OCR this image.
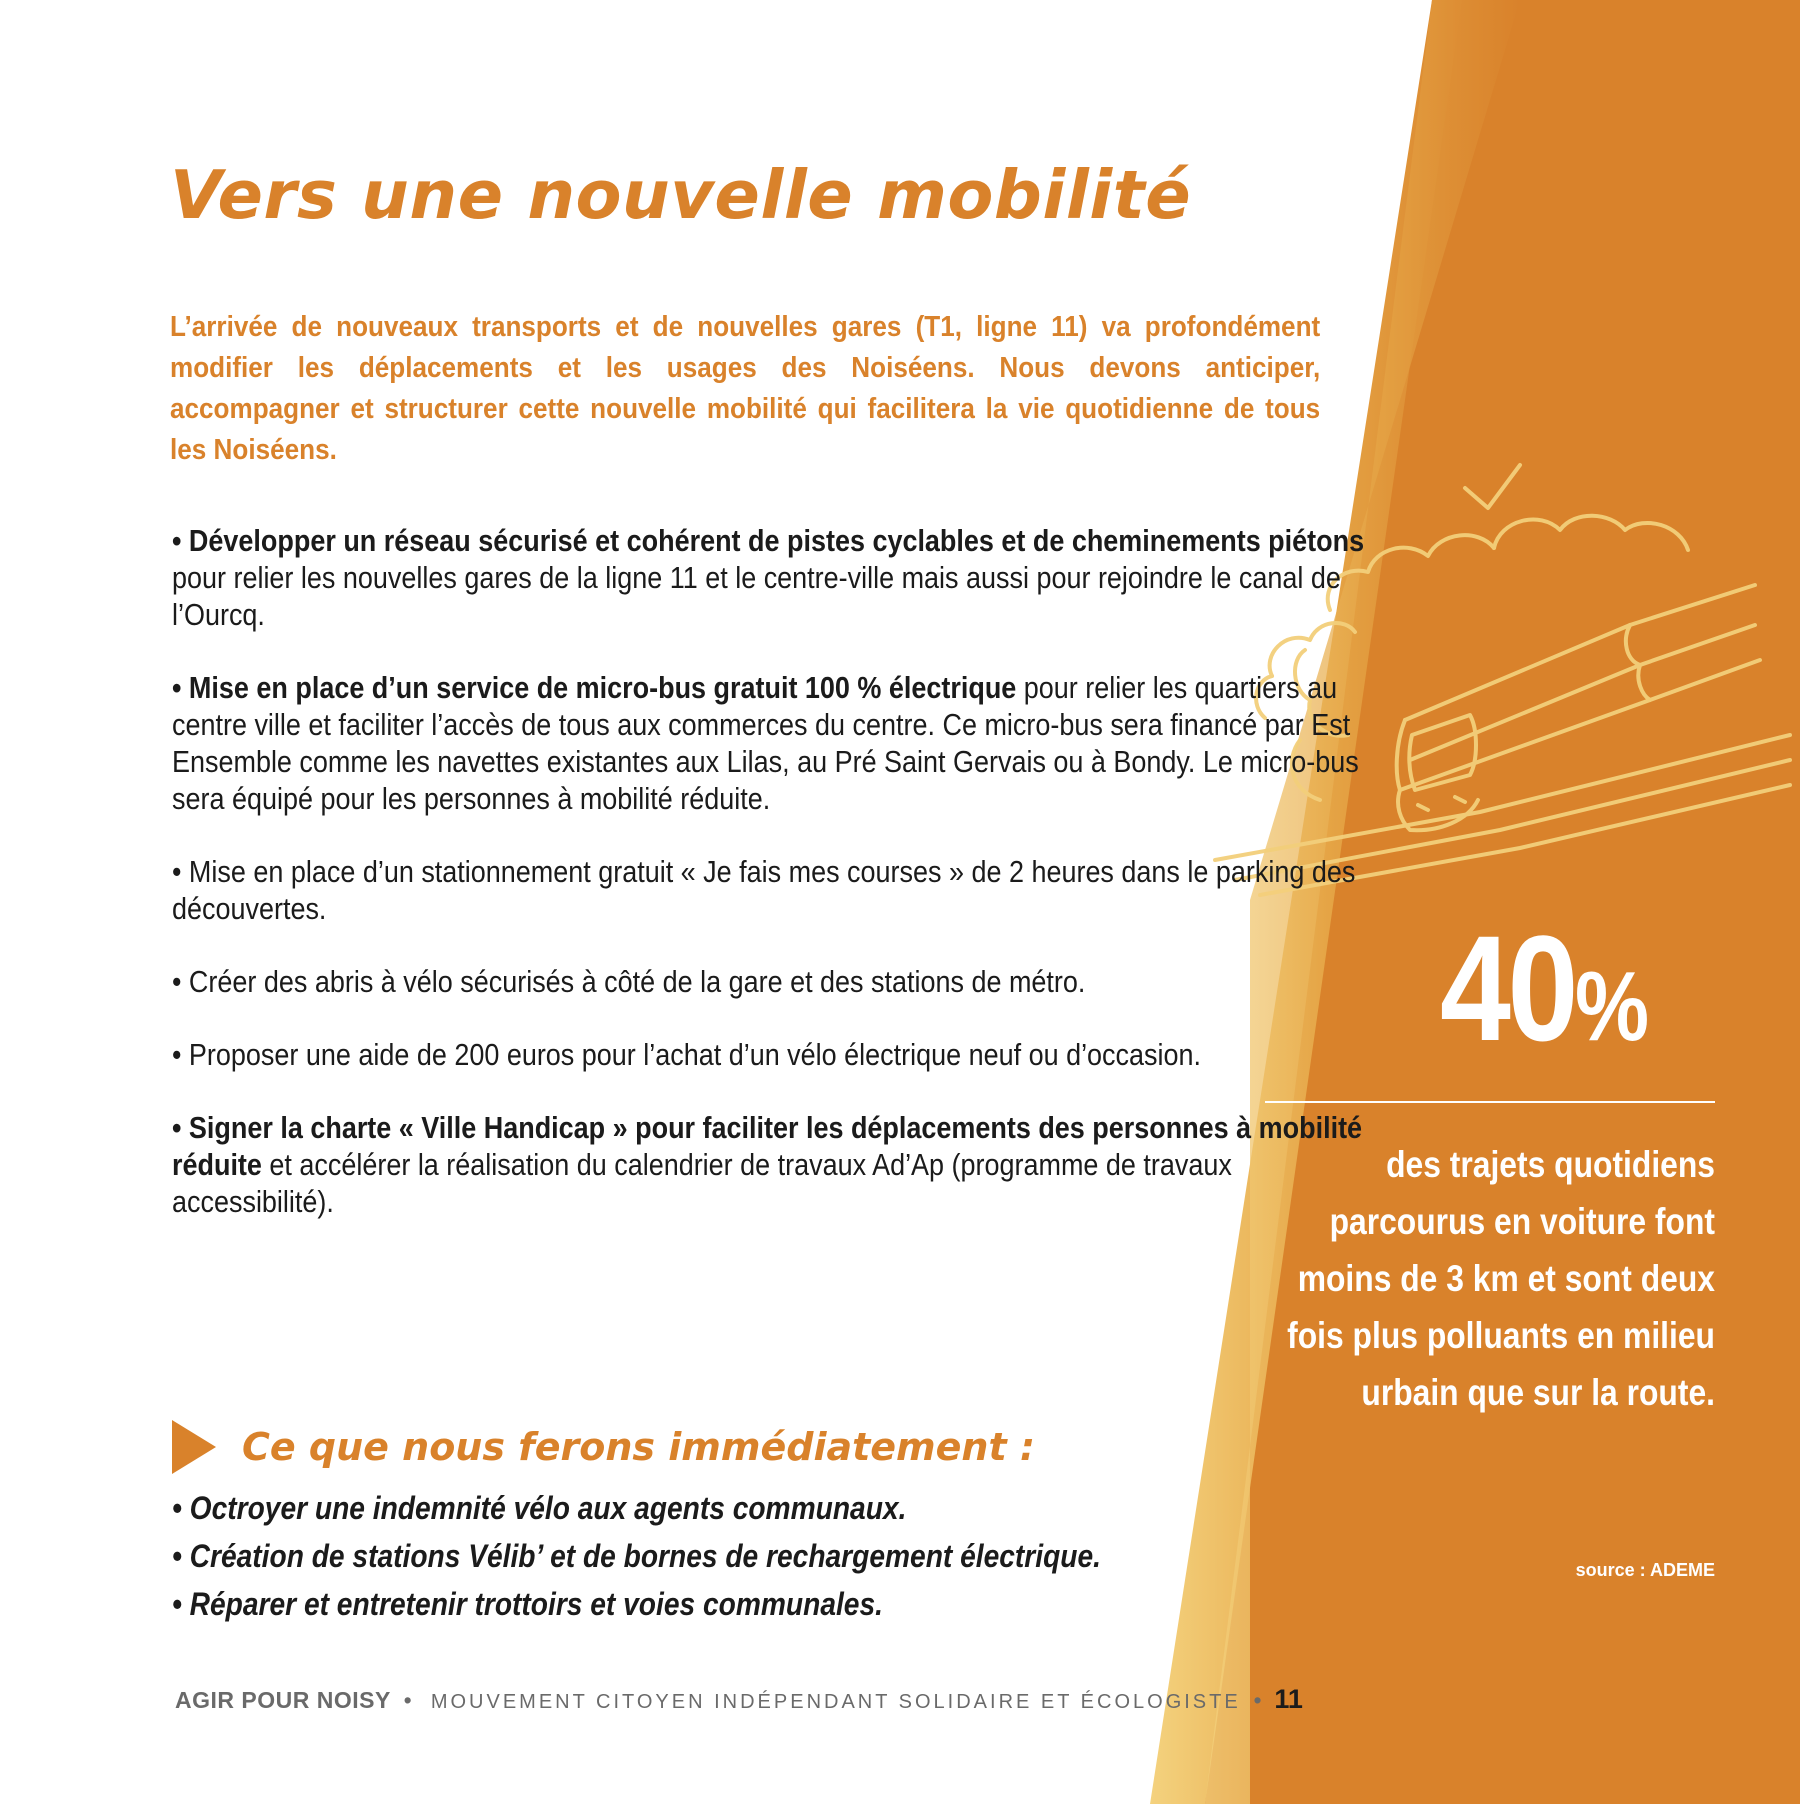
Vers une nouvelle mobilité

L’arrivée de nouveaux transports et de nouvelles gares (T1, ligne 11) va profondément modifier les déplacements et les usages des Noiséens. Nous devons anticiper, accompagner et structurer cette nouvelle mobilité qui facilitera la vie quotidienne de tous les Noiséens.

• Développer un réseau sécurisé et cohérent de pistes cyclables et de cheminements piétons pour relier les nouvelles gares de la ligne 11 et le centre-ville mais aussi pour rejoindre le canal de l’Ourcq.

• Mise en place d’un service de micro-bus gratuit 100 % électrique pour relier les quartiers au centre ville et faciliter l’accès de tous aux commerces du centre. Ce micro-bus sera financé par Est Ensemble comme les navettes existantes aux Lilas, au Pré Saint Gervais ou à Bondy. Le micro-bus sera équipé pour les personnes à mobilité réduite.

• Mise en place d’un stationnement gratuit « Je fais mes courses » de 2 heures dans le parking des découvertes.

• Créer des abris à vélo sécurisés à côté de la gare et des stations de métro.

• Proposer une aide de 200 euros pour l’achat d’un vélo électrique neuf ou d’occasion.

• Signer la charte « Ville Handicap » pour faciliter les déplacements des personnes à mobilité réduite et accélérer la réalisation du calendrier de travaux Ad’Ap (programme de travaux accessibilité).

Ce que nous ferons immédiatement :
• Octroyer une indemnité vélo aux agents communaux.
• Création de stations Vélib’ et de bornes de rechargement électrique.
• Réparer et entretenir trottoirs et voies communales.
AGIR POUR NOISY  •   MOUVEMENT CITOYEN INDÉPENDANT SOLIDAIRE ET ÉCOLOGISTE  •  11
40%

des trajets quotidiens parcourus en voiture font moins de 3 km et sont deux fois plus polluants en milieu urbain que sur la route.

source : ADEME
